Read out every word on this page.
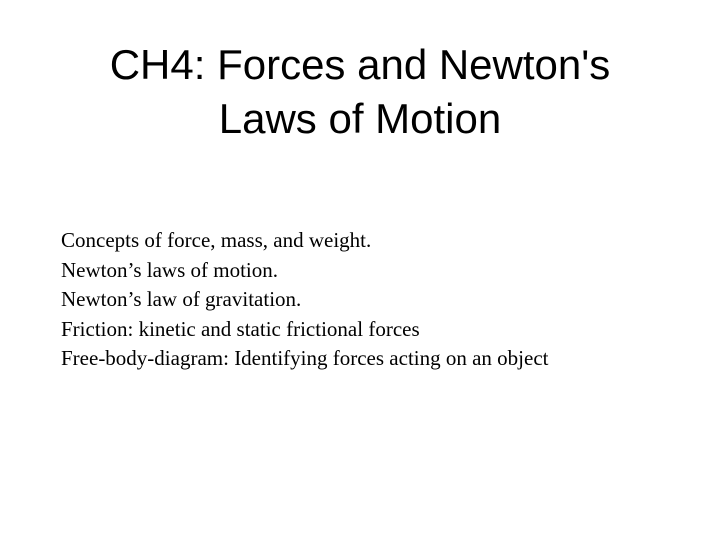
CH4: Forces and Newton's
Laws of Motion
Concepts of force, mass, and weight.
Newton’s laws of motion.
Newton’s law of gravitation.
Friction: kinetic and static frictional forces
Free-body-diagram: Identifying forces acting on an object
